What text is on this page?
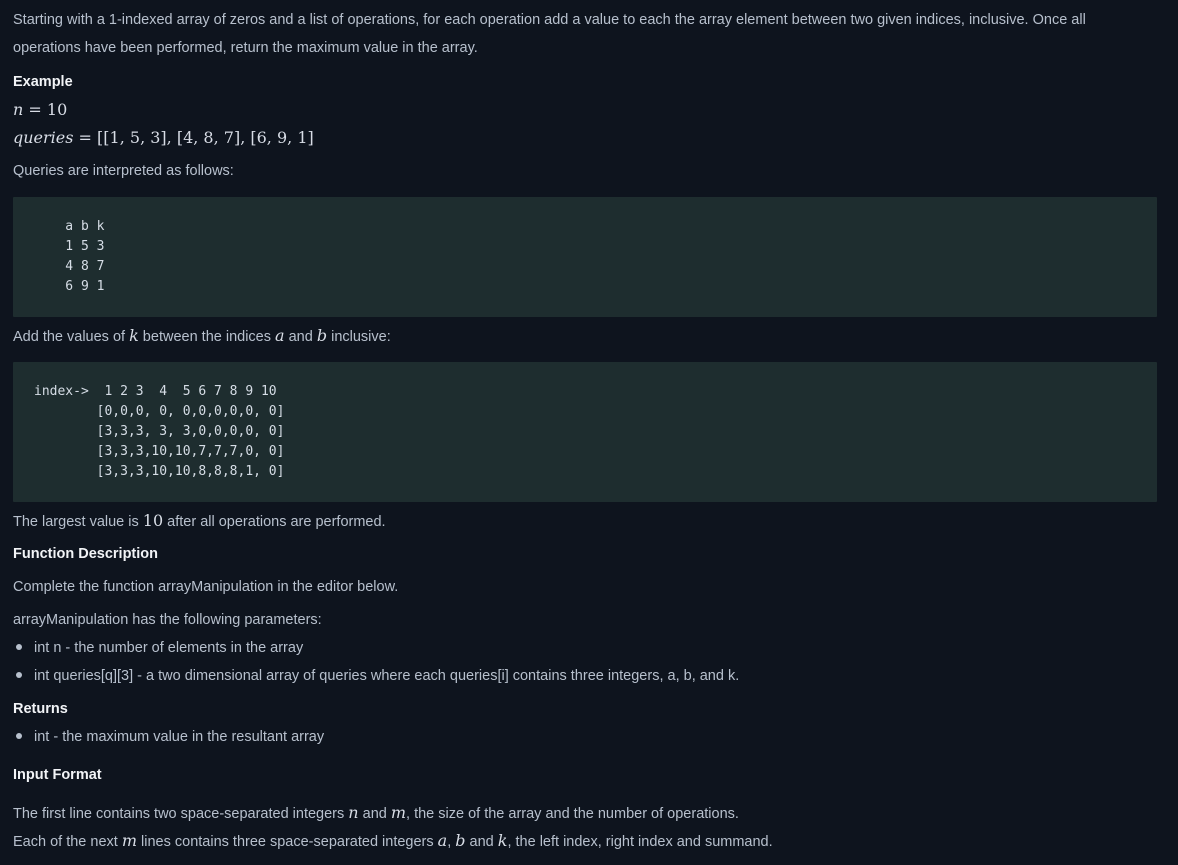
Starting with a 1-indexed array of zeros and a list of operations, for each operation add a value to each the array element between two given indices, inclusive. Once all
operations have been performed, return the maximum value in the array.
Example
n = 10
queries = [[1, 5, 3], [4, 8, 7], [6, 9, 1]
Queries are interpreted as follows:
a b k
1 5 3
4 8 7
6 9 1
Add the values of k between the indices a and b inclusive:
index->  1 2 3  4  5 6 7 8 9 10
[0,0,0, 0, 0,0,0,0,0, 0]
[3,3,3, 3, 3,0,0,0,0, 0]
[3,3,3,10,10,7,7,7,0, 0]
[3,3,3,10,10,8,8,8,1, 0]
The largest value is 10 after all operations are performed.
Function Description
Complete the function arrayManipulation in the editor below.
arrayManipulation has the following parameters:
int n - the number of elements in the array
int queries[q][3] - a two dimensional array of queries where each queries[i] contains three integers, a, b, and k.
Returns
int - the maximum value in the resultant array
Input Format
The first line contains two space-separated integers n and m, the size of the array and the number of operations.
Each of the next m lines contains three space-separated integers a, b and k, the left index, right index and summand.
